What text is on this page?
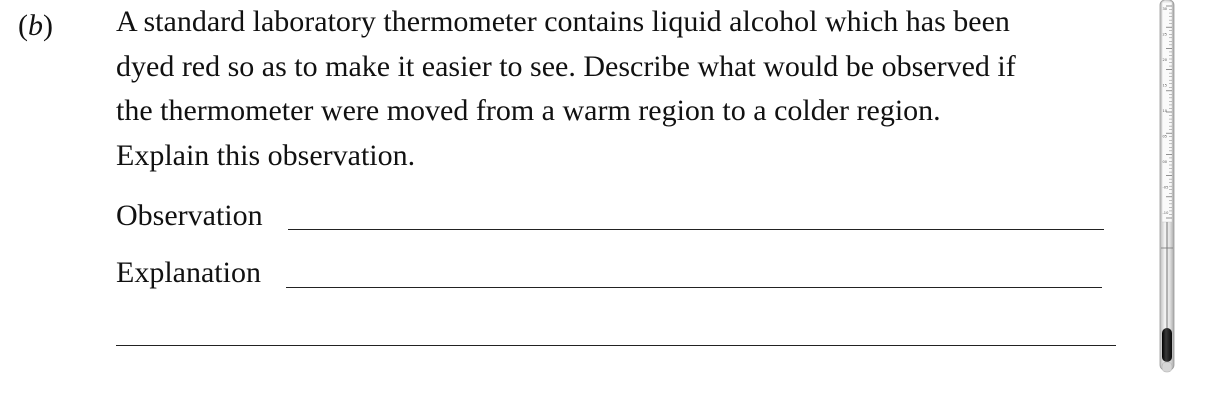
(b) A standard laboratory thermometer contains liquid alcohol which has been

dyed red so as to make it easier to see. Describe what would be observed if

the thermometer were moved from a warm region to a colder region.

Explain this observation.

Observation
Explanation
30
25
20
15
10
05
00
-05
-10
